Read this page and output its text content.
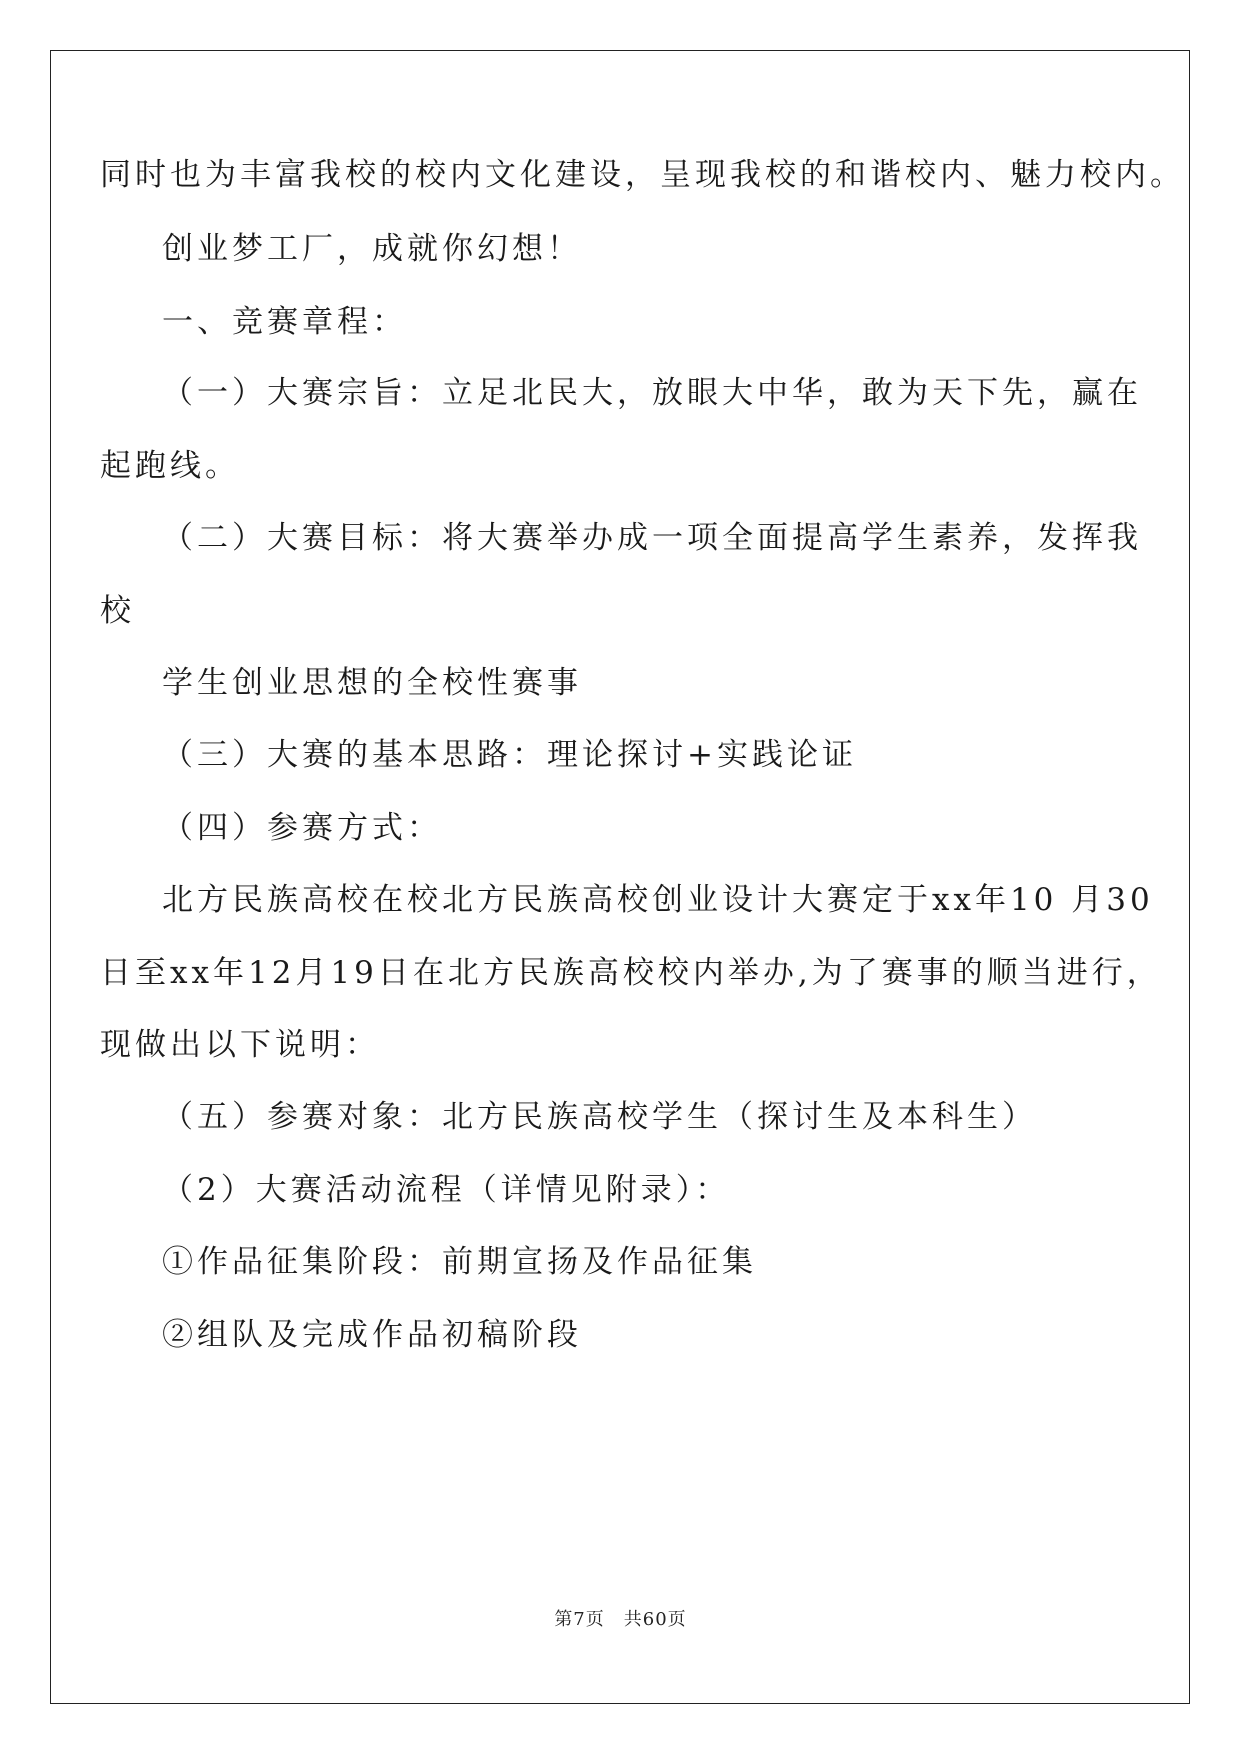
同时也为丰富我校的校内文化建设，呈现我校的和谐校内、魅力校内。

创业梦工厂，成就你幻想！

一、竞赛章程：

（一）大赛宗旨：立足北民大，放眼大中华，敢为天下先，赢在

起跑线。

（二）大赛目标：将大赛举办成一项全面提高学生素养，发挥我

校

学生创业思想的全校性赛事

（三）大赛的基本思路：理论探讨+实践论证

（四）参赛方式：

北方民族高校在校北方民族高校创业设计大赛定于xx年10 月30

日至xx年12月19日在北方民族高校校内举办,为了赛事的顺当进行，

现做出以下说明：

（五）参赛对象：北方民族高校学生（探讨生及本科生）

（2）大赛活动流程（详情见附录）：

①作品征集阶段：前期宣扬及作品征集

②组队及完成作品初稿阶段

第7页　共60页
